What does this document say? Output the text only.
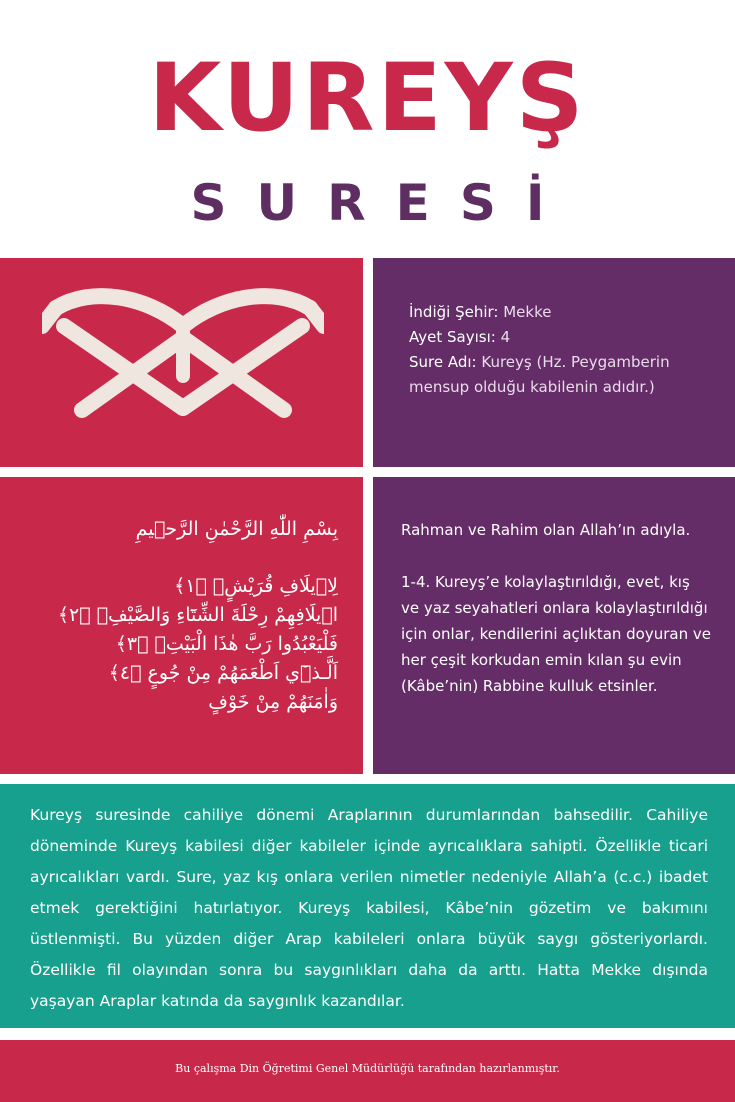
KUREYŞ
SURESİ
İndiği Şehir: Mekke
Ayet Sayısı: 4
Sure Adı: Kureyş (Hz. Peygamberin mensup olduğu kabilenin adıdır.)
بِسْمِ اللّٰهِ الرَّحْمٰنِ الرَّح۪يمِ
لِا۪يلَافِ قُرَيْشٍۙ ﴿١﴾
ا۪يلَافِهِمْ رِحْلَةَ الشِّتَٓاءِ وَالصَّيْفِۚ ﴿٢﴾
فَلْيَعْبُدُوا رَبَّ هٰذَا الْبَيْتِۙ ﴿٣﴾
اَلَّـذ۪ٓي اَطْعَمَهُمْ مِنْ جُوعٍ ﴿٤﴾
وَاٰمَنَهُمْ مِنْ خَوْفٍ

Rahman ve Rahim olan Allah’ın adıyla.

1-4. Kureyş’e kolaylaştırıldığı, evet, kış ve yaz seyahatleri onlara kolaylaştırıldığı için onlar, kendilerini açlıktan doyuran ve her çeşit korkudan emin kılan şu evin (Kâbe’nin) Rabbine kulluk etsinler.

Kureyş suresinde cahiliye dönemi Araplarının durumlarından bahsedilir. Cahiliye döneminde Kureyş kabilesi diğer kabileler içinde ayrıcalıklara sahipti. Özellikle ticari ayrıcalıkları vardı. Sure, yaz kış onlara verilen nimetler nedeniyle Allah’a (c.c.) ibadet etmek gerektiğini hatırlatıyor. Kureyş kabilesi, Kâbe’nin gözetim ve bakımını üstlenmişti. Bu yüzden diğer Arap kabileleri onlara büyük saygı gösteriyorlardı. Özellikle fil olayından sonra bu saygınlıkları daha da arttı. Hatta Mekke dışında yaşayan Araplar katında da saygınlık kazandılar.

Bu çalışma Din Öğretimi Genel Müdürlüğü tarafından hazırlanmıştır.
